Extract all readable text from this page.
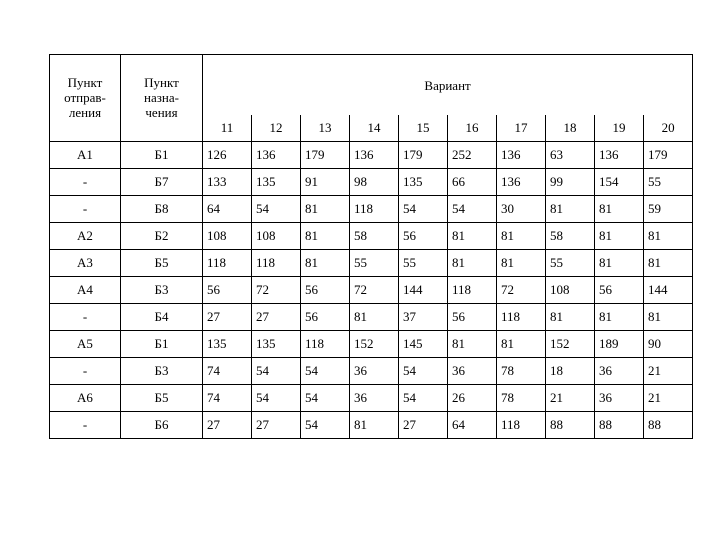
Пункт
отправ-
ления	Пункт
назна-
чения	Вариант									
		11	12	13	14	15	16	17	18	19	20
А1	Б1	126	136	179	136	179	252	136	63	136	179
-	Б7	133	135	91	98	135	66	136	99	154	55
-	Б8	64	54	81	118	54	54	30	81	81	59
А2	Б2	108	108	81	58	56	81	81	58	81	81
А3	Б5	118	118	81	55	55	81	81	55	81	81
А4	Б3	56	72	56	72	144	118	72	108	56	144
-	Б4	27	27	56	81	37	56	118	81	81	81
А5	Б1	135	135	118	152	145	81	81	152	189	90
-	Б3	74	54	54	36	54	36	78	18	36	21
А6	Б5	74	54	54	36	54	26	78	21	36	21
-	Б6	27	27	54	81	27	64	118	88	88	88
